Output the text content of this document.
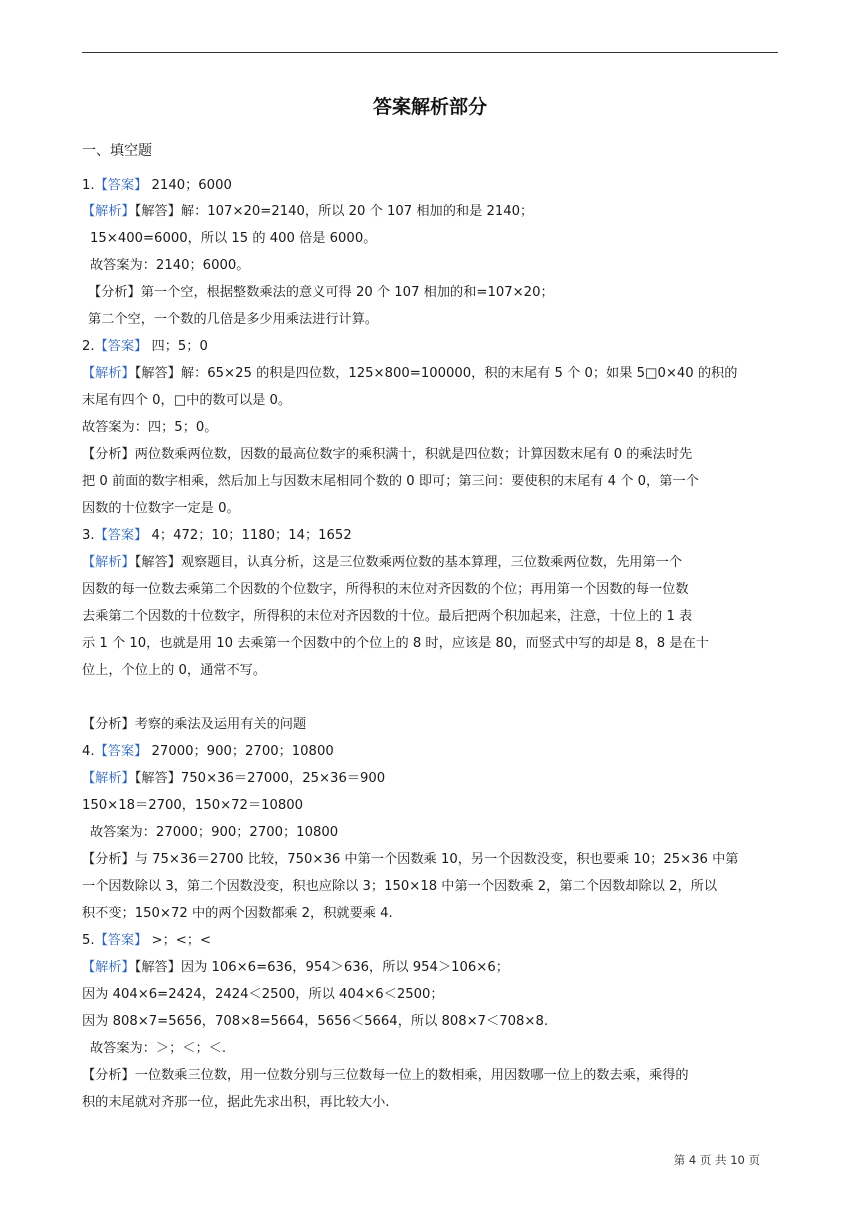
答案解析部分
一、填空题
1.【答案】 2140；6000
【解析】【解答】解：107×20=2140，所以 20 个 107 相加的和是 2140；
15×400=6000，所以 15 的 400 倍是 6000。
故答案为：2140；6000。
【分析】第一个空，根据整数乘法的意义可得 20 个 107 相加的和=107×20；
第二个空，一个数的几倍是多少用乘法进行计算。
2.【答案】 四；5；0
【解析】【解答】解：65×25 的积是四位数，125×800=100000，积的末尾有 5 个 0；如果 5□0×40 的积的
末尾有四个 0，□中的数可以是 0。
故答案为：四；5；0。
【分析】两位数乘两位数，因数的最高位数字的乘积满十，积就是四位数；计算因数末尾有 0 的乘法时先
把 0 前面的数字相乘，然后加上与因数末尾相同个数的 0 即可；第三问：要使积的末尾有 4 个 0，第一个
因数的十位数字一定是 0。
3.【答案】 4；472；10；1180；14；1652
【解析】【解答】观察题目，认真分析，这是三位数乘两位数的基本算理，三位数乘两位数，先用第一个
因数的每一位数去乘第二个因数的个位数字，所得积的末位对齐因数的个位；再用第一个因数的每一位数
去乘第二个因数的十位数字，所得积的末位对齐因数的十位。最后把两个积加起来，注意，十位上的 1 表
示 1 个 10，也就是用 10 去乘第一个因数中的个位上的 8 时，应该是 80，而竖式中写的却是 8，8 是在十
位上，个位上的 0，通常不写。
【分析】考察的乘法及运用有关的问题
4.【答案】 27000；900；2700；10800
【解析】【解答】750×36＝27000，25×36＝900
150×18＝2700，150×72＝10800
故答案为：27000；900；2700；10800
【分析】与 75×36＝2700 比较，750×36 中第一个因数乘 10，另一个因数没变，积也要乘 10；25×36 中第
一个因数除以 3，第二个因数没变，积也应除以 3；150×18 中第一个因数乘 2，第二个因数却除以 2，所以
积不变；150×72 中的两个因数都乘 2，积就要乘 4.
5.【答案】 >；<；<
【解析】【解答】因为 106×6=636，954＞636，所以 954＞106×6；
因为 404×6=2424，2424＜2500，所以 404×6＜2500；
因为 808×7=5656，708×8=5664，5656＜5664，所以 808×7＜708×8.
故答案为：＞；＜；＜.
【分析】一位数乘三位数，用一位数分别与三位数每一位上的数相乘，用因数哪一位上的数去乘，乘得的
积的末尾就对齐那一位，据此先求出积，再比较大小.
第 4 页 共 10 页
